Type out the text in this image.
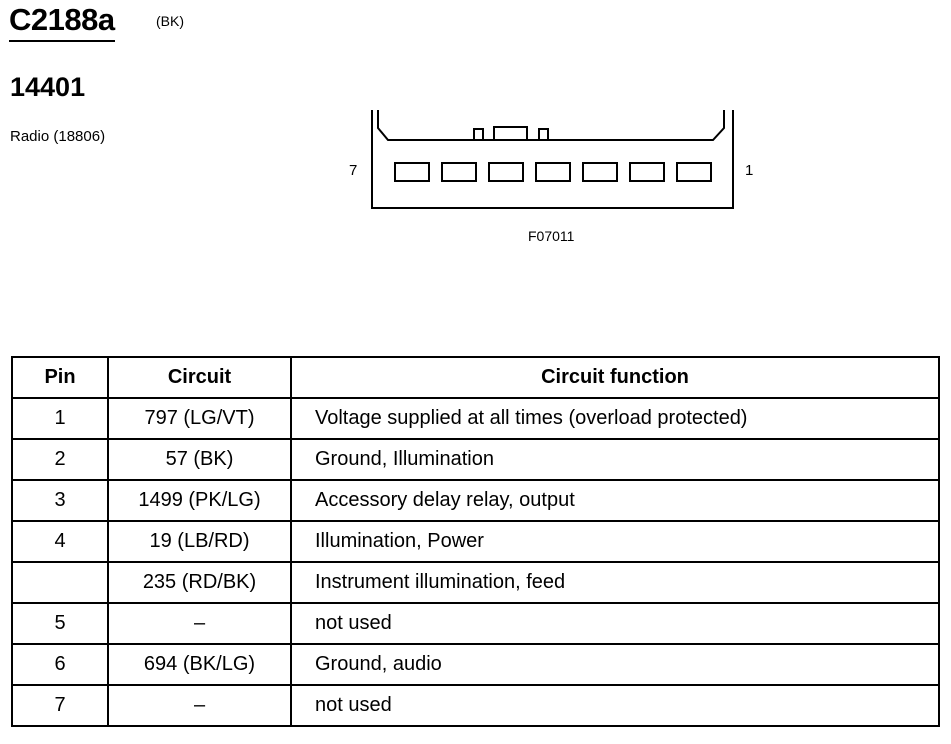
C2188a	(BK)
14401
Radio (18806)
7	1
F07011
Pin	Circuit	Circuit function
1	797 (LG/VT)	Voltage supplied at all times (overload protected)
2	57 (BK)	Ground, Illumination
3	1499 (PK/LG)	Accessory delay relay, output
4	19 (LB/RD)	Illumination, Power
	235 (RD/BK)	Instrument illumination, feed
5	–	not used
6	694 (BK/LG)	Ground, audio
7	–	not used
